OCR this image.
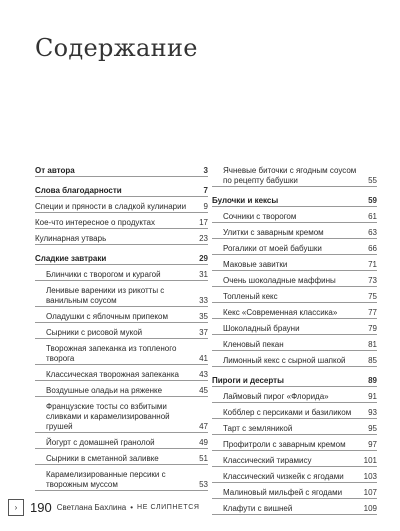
Содержание
От автора	3
Слова благодарности	7
Специи и пряности в сладкой кулинарии	9
Кое-что интересное о продуктах	17
Кулинарная утварь	23
Сладкие завтраки	29
Блинчики с творогом и курагой	31
Ленивые вареники из рикотты с ванильным соусом	33
Оладушки с яблочным припеком	35
Сырники с рисовой мукой	37
Творожная запеканка из топленого творога	41
Классическая творожная запеканка	43
Воздушные оладьи на ряженке	45
Французские тосты со взбитыми сливками и карамелизированной грушей	47
Йогурт с домашней гранолой	49
Сырники в сметанной заливке	51
Карамелизированные персики с творожным муссом	53
Ячневые биточки с ягодным соусом по рецепту бабушки	55
Булочки и кексы	59
Сочники с творогом	61
Улитки с заварным кремом	63
Рогалики от моей бабушки	66
Маковые завитки	71
Очень шоколадные маффины	73
Топленый кекс	75
Кекс «Современная классика»	77
Шоколадный брауни	79
Кленовый пекан	81
Лимонный кекс с сырной шапкой	85
Пироги и десерты	89
Лаймовый пирог «Флорида»	91
Кобблер с персиками и базиликом	93
Тарт с земляникой	95
Профитроли с заварным кремом	97
Классический тирамису	101
Классический чизкейк с ягодами	103
Малиновый мильфей с ягодами	107
Клафути с вишней	109
› 190 Светлана Бахлина • НЕ СЛИПНЕТСЯ
